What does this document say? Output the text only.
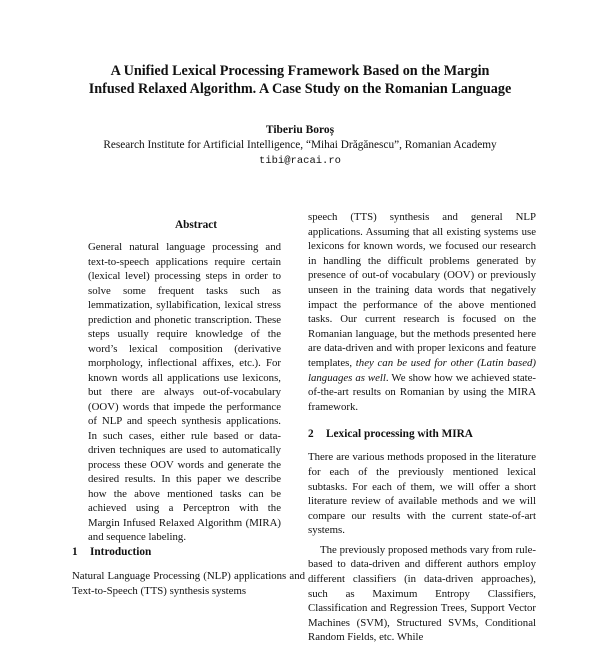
A Unified Lexical Processing Framework Based on the Margin
Infused Relaxed Algorithm. A Case Study on the Romanian Language
Tiberiu Boroș
Research Institute for Artificial Intelligence, “Mihai Drăgănescu”, Romanian Academy
tibi@racai.ro
Abstract

General natural language processing and text-to-speech applications require certain (lexical level) processing steps in order to solve some frequent tasks such as lemmatization, syllabification, lexical stress prediction and phonetic transcription. These steps usually require knowledge of the word’s lexical composition (derivative morphology, inflectional affixes, etc.). For known words all applications use lexicons, but there are always out-of-vocabulary (OOV) words that impede the performance of NLP and speech synthesis applications. In such cases, either rule based or data-driven techniques are used to automatically process these OOV words and generate the desired results. In this paper we describe how the above mentioned tasks can be achieved using a Perceptron with the Margin Infused Relaxed Algorithm (MIRA) and sequence labeling.

1 Introduction

Natural Language Processing (NLP) applications and Text-to-Speech (TTS) synthesis systems

speech (TTS) synthesis and general NLP applications. Assuming that all existing systems use lexicons for known words, we focused our research in handling the difficult problems generated by presence of out-of vocabulary (OOV) or previously unseen in the training data words that negatively impact the performance of the above mentioned tasks. Our current research is focused on the Romanian language, but the methods presented here are data-driven and with proper lexicons and feature templates, they can be used for other (Latin based) languages as well. We show how we achieved state-of-the-art results on Romanian by using the MIRA framework.

2 Lexical processing with MIRA

There are various methods proposed in the literature for each of the previously mentioned lexical subtasks. For each of them, we will offer a short literature review of available methods and we will compare our results with the current state-of-art systems.

The previously proposed methods vary from rule-based to data-driven and different authors employ different classifiers (in data-driven approaches), such as Maximum Entropy Classifiers, Classification and Regression Trees, Support Vector Machines (SVM), Structured SVMs, Conditional Random Fields, etc. While
